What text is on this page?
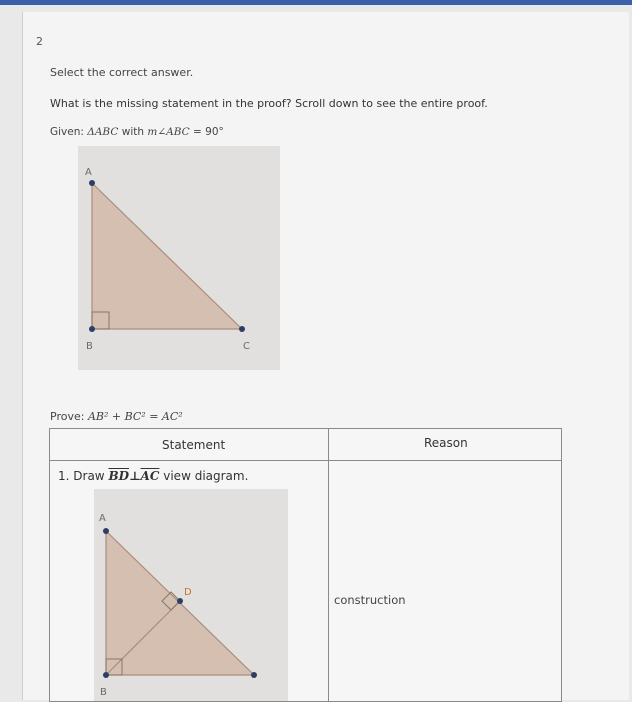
2
Select the correct answer.
What is the missing statement in the proof? Scroll down to see the entire proof.
Given: ΔABC with m∠ABC = 90°
A
B	C
Prove: AB² + BC² = AC²
Statement	Reason
1. Draw $\overline{BD}\perp\overline{AC}$ view diagram.
A
D
B
construction
